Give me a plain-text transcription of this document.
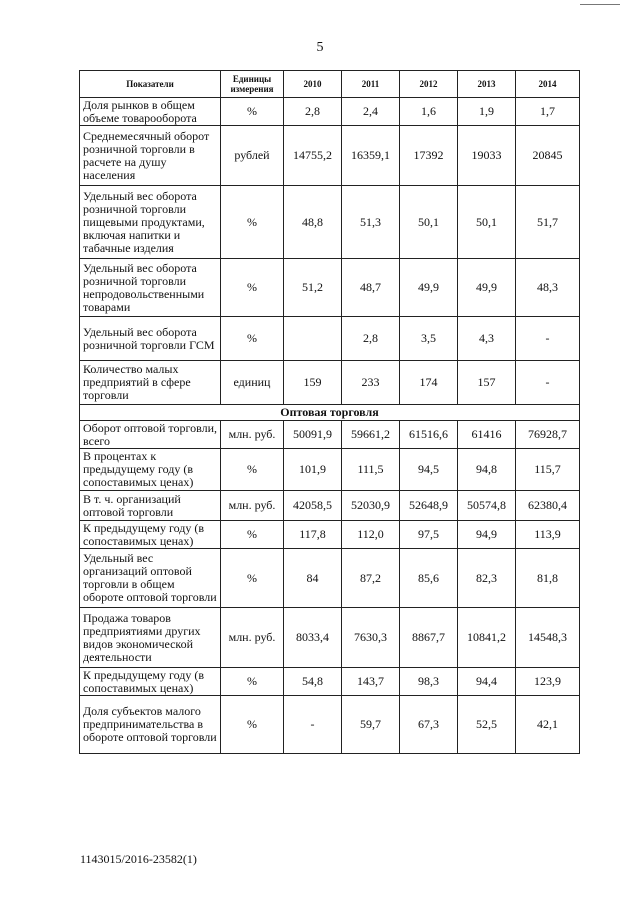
5
Показатели	Единицы измерения	2010	2011	2012	2013	2014
Доля рынков в общем объеме товарооборота	%	2,8	2,4	1,6	1,9	1,7
Среднемесячный оборот розничной торговли в расчете на душу населения	рублей	14755,2	16359,1	17392	19033	20845
Удельный вес оборота розничной торговли пищевыми продуктами, включая напитки и табачные изделия	%	48,8	51,3	50,1	50,1	51,7
Удельный вес оборота розничной торговли непродовольственными товарами	%	51,2	48,7	49,9	49,9	48,3
Удельный вес оборота розничной торговли ГСМ	%		2,8	3,5	4,3	-
Количество малых предприятий в сфере торговли	единиц	159	233	174	157	-
Оптовая торговля						
Оборот оптовой торговли, всего	млн. руб.	50091,9	59661,2	61516,6	61416	76928,7
В процентах к предыдущему году (в сопоставимых ценах)	%	101,9	111,5	94,5	94,8	115,7
В т. ч. организаций оптовой торговли	млн. руб.	42058,5	52030,9	52648,9	50574,8	62380,4
К предыдущему году (в сопоставимых ценах)	%	117,8	112,0	97,5	94,9	113,9
Удельный вес организаций оптовой торговли в общем обороте оптовой торговли	%	84	87,2	85,6	82,3	81,8
Продажа товаров предприятиями других видов экономической деятельности	млн. руб.	8033,4	7630,3	8867,7	10841,2	14548,3
К предыдущему году (в сопоставимых ценах)	%	54,8	143,7	98,3	94,4	123,9
Доля субъектов малого предпринимательства в обороте оптовой торговли	%	-	59,7	67,3	52,5	42,1
1143015/2016-23582(1)
